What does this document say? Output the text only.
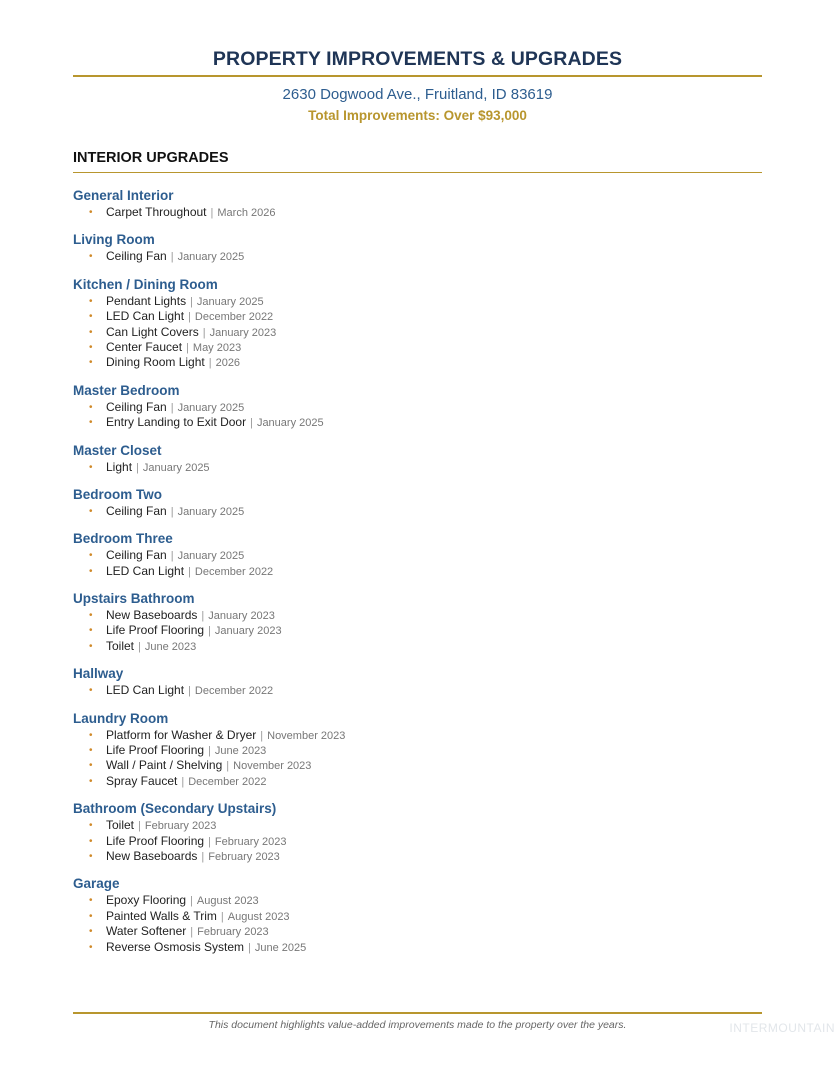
PROPERTY IMPROVEMENTS & UPGRADES
2630 Dogwood Ave., Fruitland, ID 83619
Total Improvements: Over $93,000
INTERIOR UPGRADES
General Interior
• Carpet Throughout | March 2026
Living Room
• Ceiling Fan | January 2025
Kitchen / Dining Room
• Pendant Lights | January 2025
• LED Can Light | December 2022
• Can Light Covers | January 2023
• Center Faucet | May 2023
• Dining Room Light | 2026
Master Bedroom
• Ceiling Fan | January 2025
• Entry Landing to Exit Door | January 2025
Master Closet
• Light | January 2025
Bedroom Two
• Ceiling Fan | January 2025
Bedroom Three
• Ceiling Fan | January 2025
• LED Can Light | December 2022
Upstairs Bathroom
• New Baseboards | January 2023
• Life Proof Flooring | January 2023
• Toilet | June 2023
Hallway
• LED Can Light | December 2022
Laundry Room
• Platform for Washer & Dryer | November 2023
• Life Proof Flooring | June 2023
• Wall / Paint / Shelving | November 2023
• Spray Faucet | December 2022
Bathroom (Secondary Upstairs)
• Toilet | February 2023
• Life Proof Flooring | February 2023
• New Baseboards | February 2023
Garage
• Epoxy Flooring | August 2023
• Painted Walls & Trim | August 2023
• Water Softener | February 2023
• Reverse Osmosis System | June 2025
This document highlights value-added improvements made to the property over the years.	INTERMOUNTAIN
